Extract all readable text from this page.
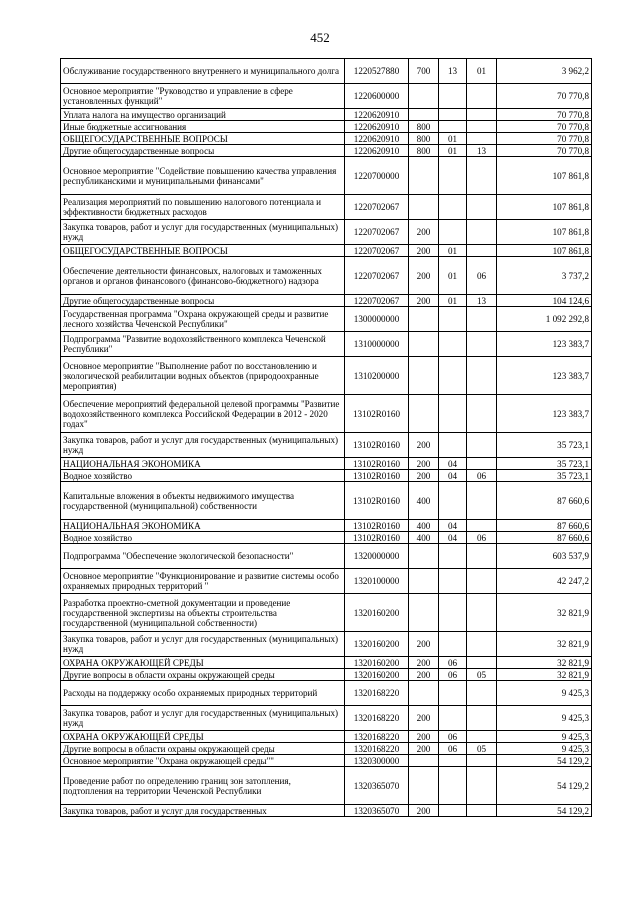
452
Обслуживание государственного внутреннего и муниципального долга	1220527880	700	13	01	3 962,2
Основное мероприятие "Руководство и управление в сфере установленных функций"	1220600000				70 770,8
Уплата налога на имущество организаций	1220620910				70 770,8
Иные бюджетные ассигнования	1220620910	800			70 770,8
ОБЩЕГОСУДАРСТВЕННЫЕ ВОПРОСЫ	1220620910	800	01		70 770,8
Другие общегосударственные вопросы	1220620910	800	01	13	70 770,8
Основное мероприятие "Содействие повышению качества управления республиканскими и муниципальными финансами"	1220700000				107 861,8
Реализация мероприятий по повышению налогового потенциала и эффективности бюджетных расходов	1220702067				107 861,8
Закупка товаров, работ и услуг для государственных (муниципальных) нужд	1220702067	200			107 861,8
ОБЩЕГОСУДАРСТВЕННЫЕ ВОПРОСЫ	1220702067	200	01		107 861,8
Обеспечение деятельности финансовых, налоговых и таможенных органов и органов финансового (финансово-бюджетного) надзора	1220702067	200	01	06	3 737,2
Другие общегосударственные вопросы	1220702067	200	01	13	104 124,6
Государственная программа "Охрана окружающей среды и развитие лесного хозяйства Чеченской Республики"	1300000000				1 092 292,8
Подпрограмма "Развитие водохозяйственного комплекса Чеченской Республики"	1310000000				123 383,7
Основное мероприятие "Выполнение работ по восстановлению и экологической реабилитации водных объектов (природоохранные мероприятия)	1310200000				123 383,7
Обеспечение мероприятий федеральной целевой программы "Развитие водохозяйственного комплекса Российской Федерации в 2012 - 2020 годах"	13102R0160				123 383,7
Закупка товаров, работ и услуг для государственных (муниципальных) нужд	13102R0160	200			35 723,1
НАЦИОНАЛЬНАЯ ЭКОНОМИКА	13102R0160	200	04		35 723,1
Водное хозяйство	13102R0160	200	04	06	35 723,1
Капитальные вложения в объекты недвижимого имущества государственной (муниципальной) собственности	13102R0160	400			87 660,6
НАЦИОНАЛЬНАЯ ЭКОНОМИКА	13102R0160	400	04		87 660,6
Водное хозяйство	13102R0160	400	04	06	87 660,6
Подпрограмма "Обеспечение экологической безопасности"	1320000000				603 537,9
Основное мероприятие "Функционирование и развитие системы особо охраняемых природных территорий "	1320100000				42 247,2
Разработка проектно-сметной документации и проведение государственной экспертизы на объекты строительства государственной (муниципальной собственности)	1320160200				32 821,9
Закупка товаров, работ и услуг для государственных (муниципальных) нужд	1320160200	200			32 821,9
ОХРАНА ОКРУЖАЮЩЕЙ СРЕДЫ	1320160200	200	06		32 821,9
Другие вопросы в области охраны окружающей среды	1320160200	200	06	05	32 821,9
Расходы на поддержку особо охраняемых природных территорий	1320168220				9 425,3
Закупка товаров, работ и услуг для государственных (муниципальных) нужд	1320168220	200			9 425,3
ОХРАНА ОКРУЖАЮЩЕЙ СРЕДЫ	1320168220	200	06		9 425,3
Другие вопросы в области охраны окружающей среды	1320168220	200	06	05	9 425,3
Основное мероприятие "Охрана окружающей среды""	1320300000				54 129,2
Проведение работ по определению границ зон затопления, подтопления на территории Чеченской Республики	1320365070				54 129,2
Закупка товаров, работ и услуг для государственных	1320365070	200			54 129,2
